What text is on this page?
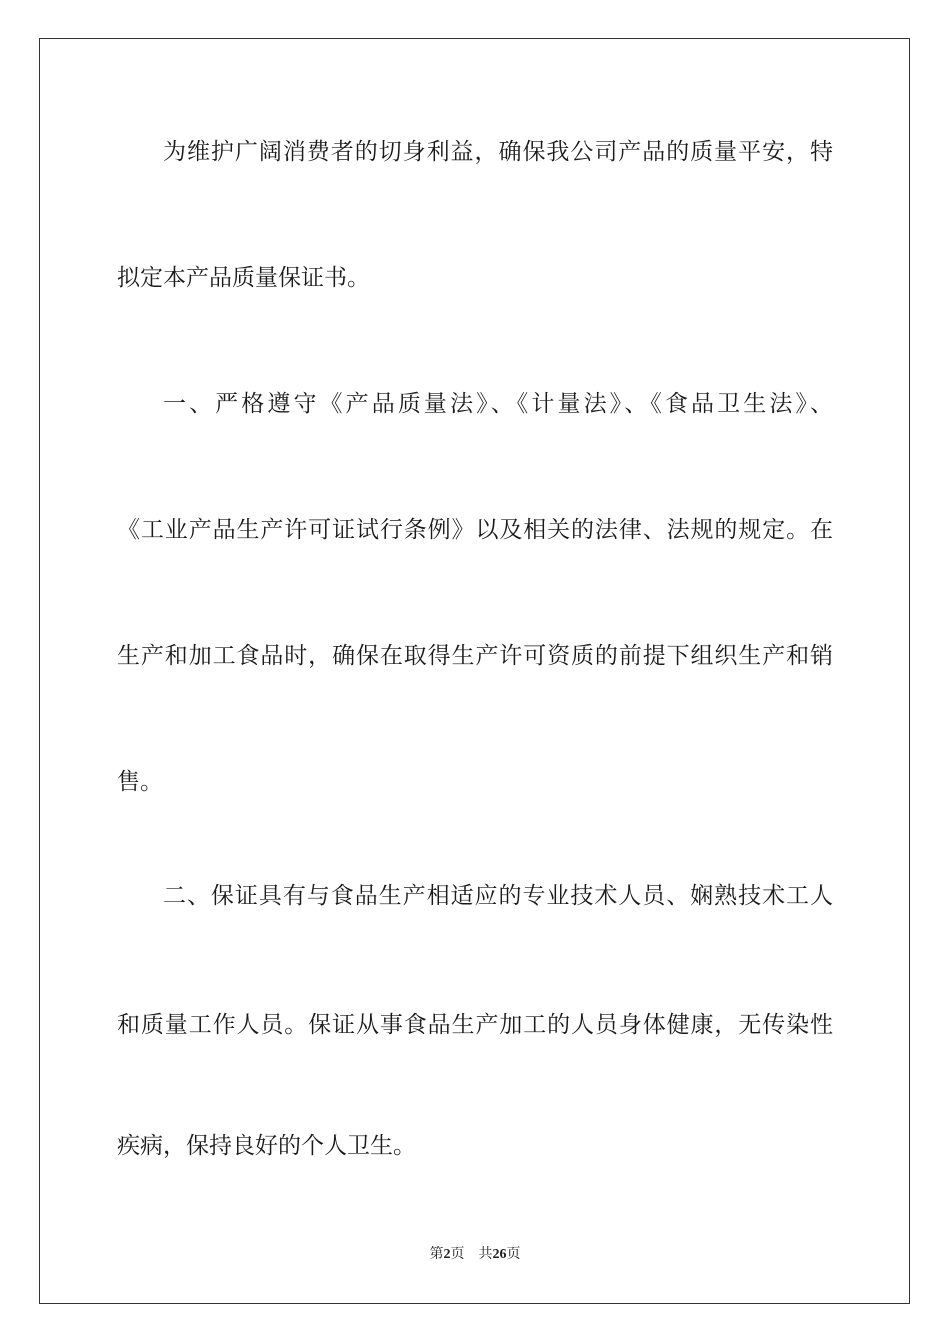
为维护广阔消费者的切身利益，确保我公司产品的质量平安，特
拟定本产品质量保证书。
一、严格遵守《产品质量法》、《计量法》、《食品卫生法》、
《工业产品生产许可证试行条例》以及相关的法律、法规的规定。在
生产和加工食品时，确保在取得生产许可资质的前提下组织生产和销
售。
二、保证具有与食品生产相适应的专业技术人员、娴熟技术工人
和质量工作人员。保证从事食品生产加工的人员身体健康，无传染性
疾病，保持良好的个人卫生。
第2页 共26页
